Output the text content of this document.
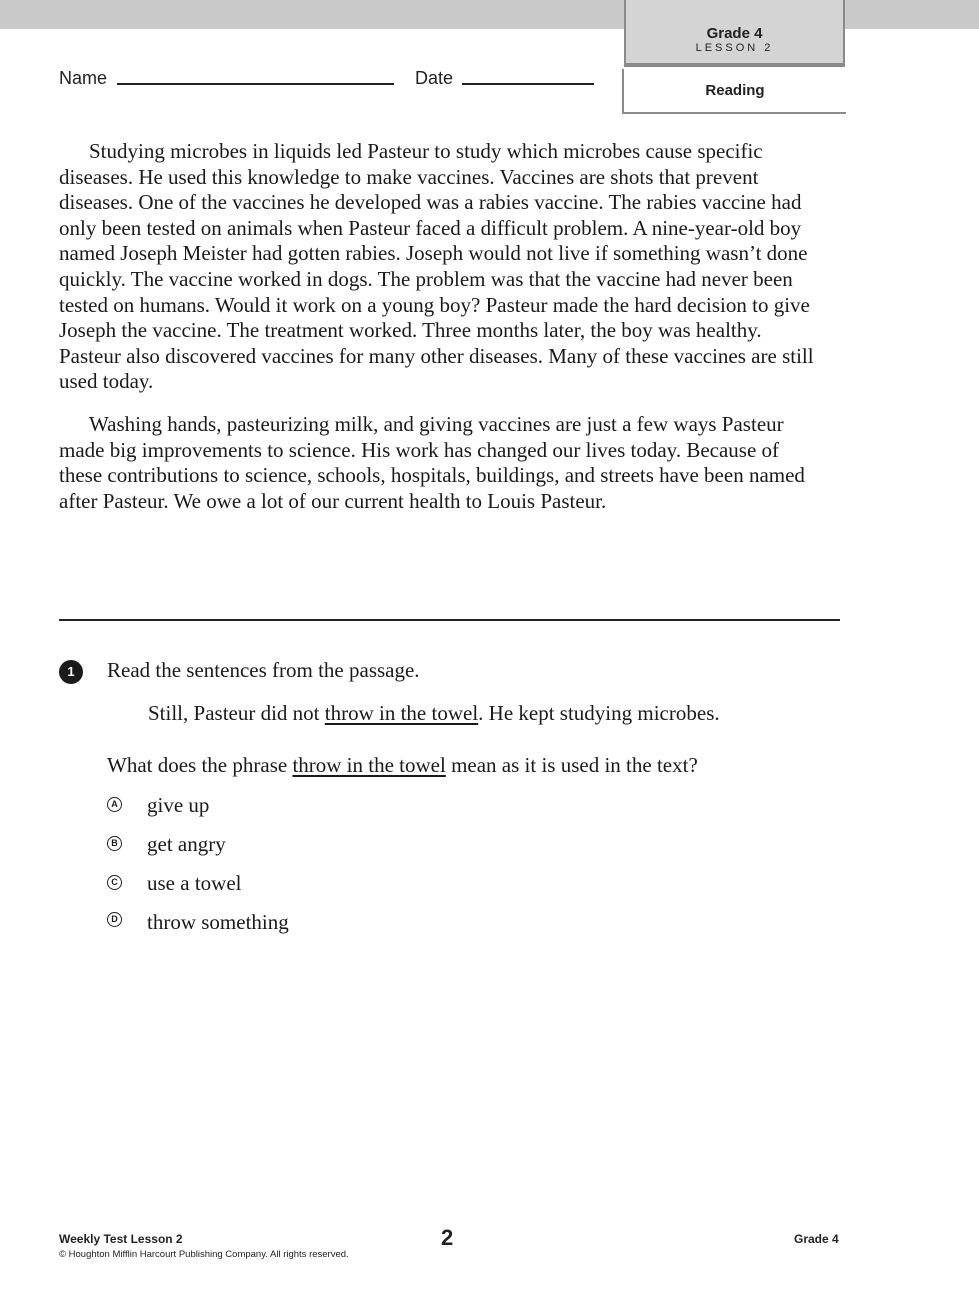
Grade 4
LESSON 2
Reading
Name	Date

Studying microbes in liquids led Pasteur to study which microbes cause specific diseases. He used this knowledge to make vaccines. Vaccines are shots that prevent diseases. One of the vaccines he developed was a rabies vaccine. The rabies vaccine had only been tested on animals when Pasteur faced a difficult problem. A nine-year-old boy named Joseph Meister had gotten rabies. Joseph would not live if something wasn’t done quickly. The vaccine worked in dogs. The problem was that the vaccine had never been tested on humans. Would it work on a young boy? Pasteur made the hard decision to give Joseph the vaccine. The treatment worked. Three months later, the boy was healthy. Pasteur also discovered vaccines for many other diseases. Many of these vaccines are still used today.

Washing hands, pasteurizing milk, and giving vaccines are just a few ways Pasteur made big improvements to science. His work has changed our lives today. Because of these contributions to science, schools, hospitals, buildings, and streets have been named after Pasteur. We owe a lot of our current health to Louis Pasteur.

1	Read the sentences from the passage.
Still, Pasteur did not throw in the towel. He kept studying microbes.
What does the phrase throw in the towel mean as it is used in the text?
A give up
B get angry
C use a towel
D throw something
Weekly Test Lesson 2
© Houghton Mifflin Harcourt Publishing Company. All rights reserved.
2	Grade 4
